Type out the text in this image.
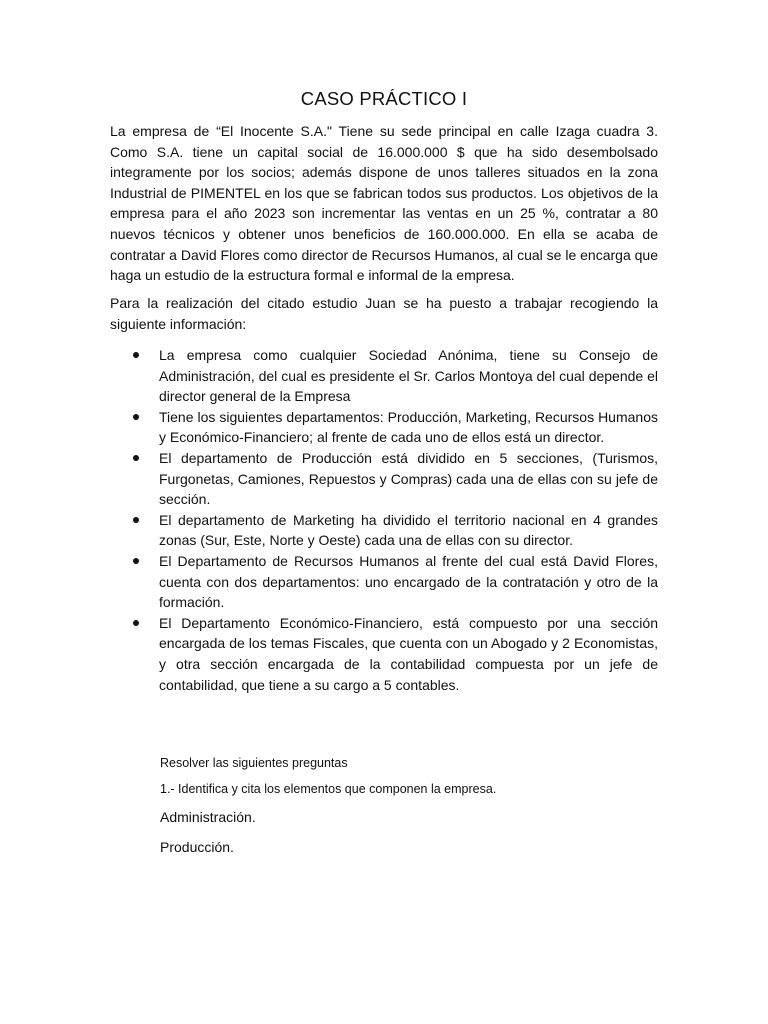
CASO PRÁCTICO I

La empresa de “El Inocente S.A." Tiene su sede principal en calle Izaga cuadra 3. Como S.A. tiene un capital social de 16.000.000 $ que ha sido desembolsado integramente por los socios; además dispone de unos talleres situados en la zona Industrial de PIMENTEL en los que se fabrican todos sus productos. Los objetivos de la empresa para el año 2023 son incrementar las ventas en un 25 %, contratar a 80 nuevos técnicos y obtener unos beneficios de 160.000.000. En ella se acaba de contratar a David Flores como director de Recursos Humanos, al cual se le encarga que haga un estudio de la estructura formal e informal de la empresa.

Para la realización del citado estudio Juan se ha puesto a trabajar recogiendo la siguiente información:

La empresa como cualquier Sociedad Anónima, tiene su Consejo de Administración, del cual es presidente el Sr. Carlos Montoya del cual depende el director general de la Empresa
Tiene los siguientes departamentos: Producción, Marketing, Recursos Humanos y Económico-Financiero; al frente de cada uno de ellos está un director.
El departamento de Producción está dividido en 5 secciones, (Turismos, Furgonetas, Camiones, Repuestos y Compras) cada una de ellas con su jefe de sección.
El departamento de Marketing ha dividido el territorio nacional en 4 grandes zonas (Sur, Este, Norte y Oeste) cada una de ellas con su director.
El Departamento de Recursos Humanos al frente del cual está David Flores, cuenta con dos departamentos: uno encargado de la contratación y otro de la formación.
El Departamento Económico-Financiero, está compuesto por una sección encargada de los temas Fiscales, que cuenta con un Abogado y 2 Economistas, y otra sección encargada de la contabilidad compuesta por un jefe de contabilidad, que tiene a su cargo a 5 contables.

Resolver las siguientes preguntas

1.- Identifica y cita los elementos que componen la empresa.

Administración.

Producción.
